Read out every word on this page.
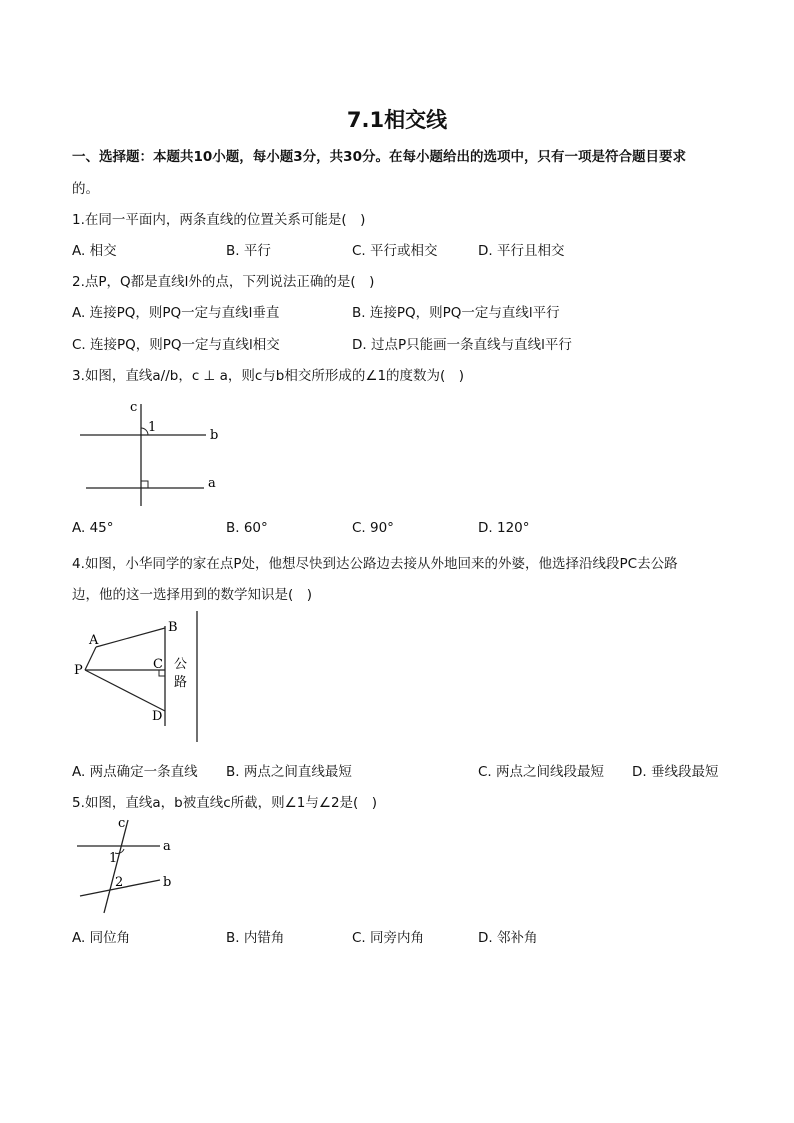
7.1相交线
一、选择题：本题共10小题，每小题3分，共30分。在每小题给出的选项中，只有一项是符合题目要求
的。
1.在同一平面内，两条直线的位置关系可能是(　)
A. 相交	B. 平行	C. 平行或相交	D. 平行且相交
2.点P，Q都是直线l外的点，下列说法正确的是(　)
A. 连接PQ，则PQ一定与直线l垂直	B. 连接PQ，则PQ一定与直线l平行
C. 连接PQ，则PQ一定与直线l相交	D. 过点P只能画一条直线与直线l平行
3.如图，直线a//b，c ⊥ a，则c与b相交所形成的∠1的度数为(　)
c
1
b
a
A. 45°	B. 60°	C. 90°	D. 120°
4.如图，小华同学的家在点P处，他想尽快到达公路边去接从外地回来的外婆，他选择沿线段PC去公路
边，他的这一选择用到的数学知识是(　)
A
B
P	C
D
公
路
A. 两点确定一条直线 B. 两点之间直线最短	C. 两点之间线段最短 D. 垂线段最短
5.如图，直线a，b被直线c所截，则∠1与∠2是(　)
c
a
1
2	b
A. 同位角	B. 内错角	C. 同旁内角	D. 邻补角
